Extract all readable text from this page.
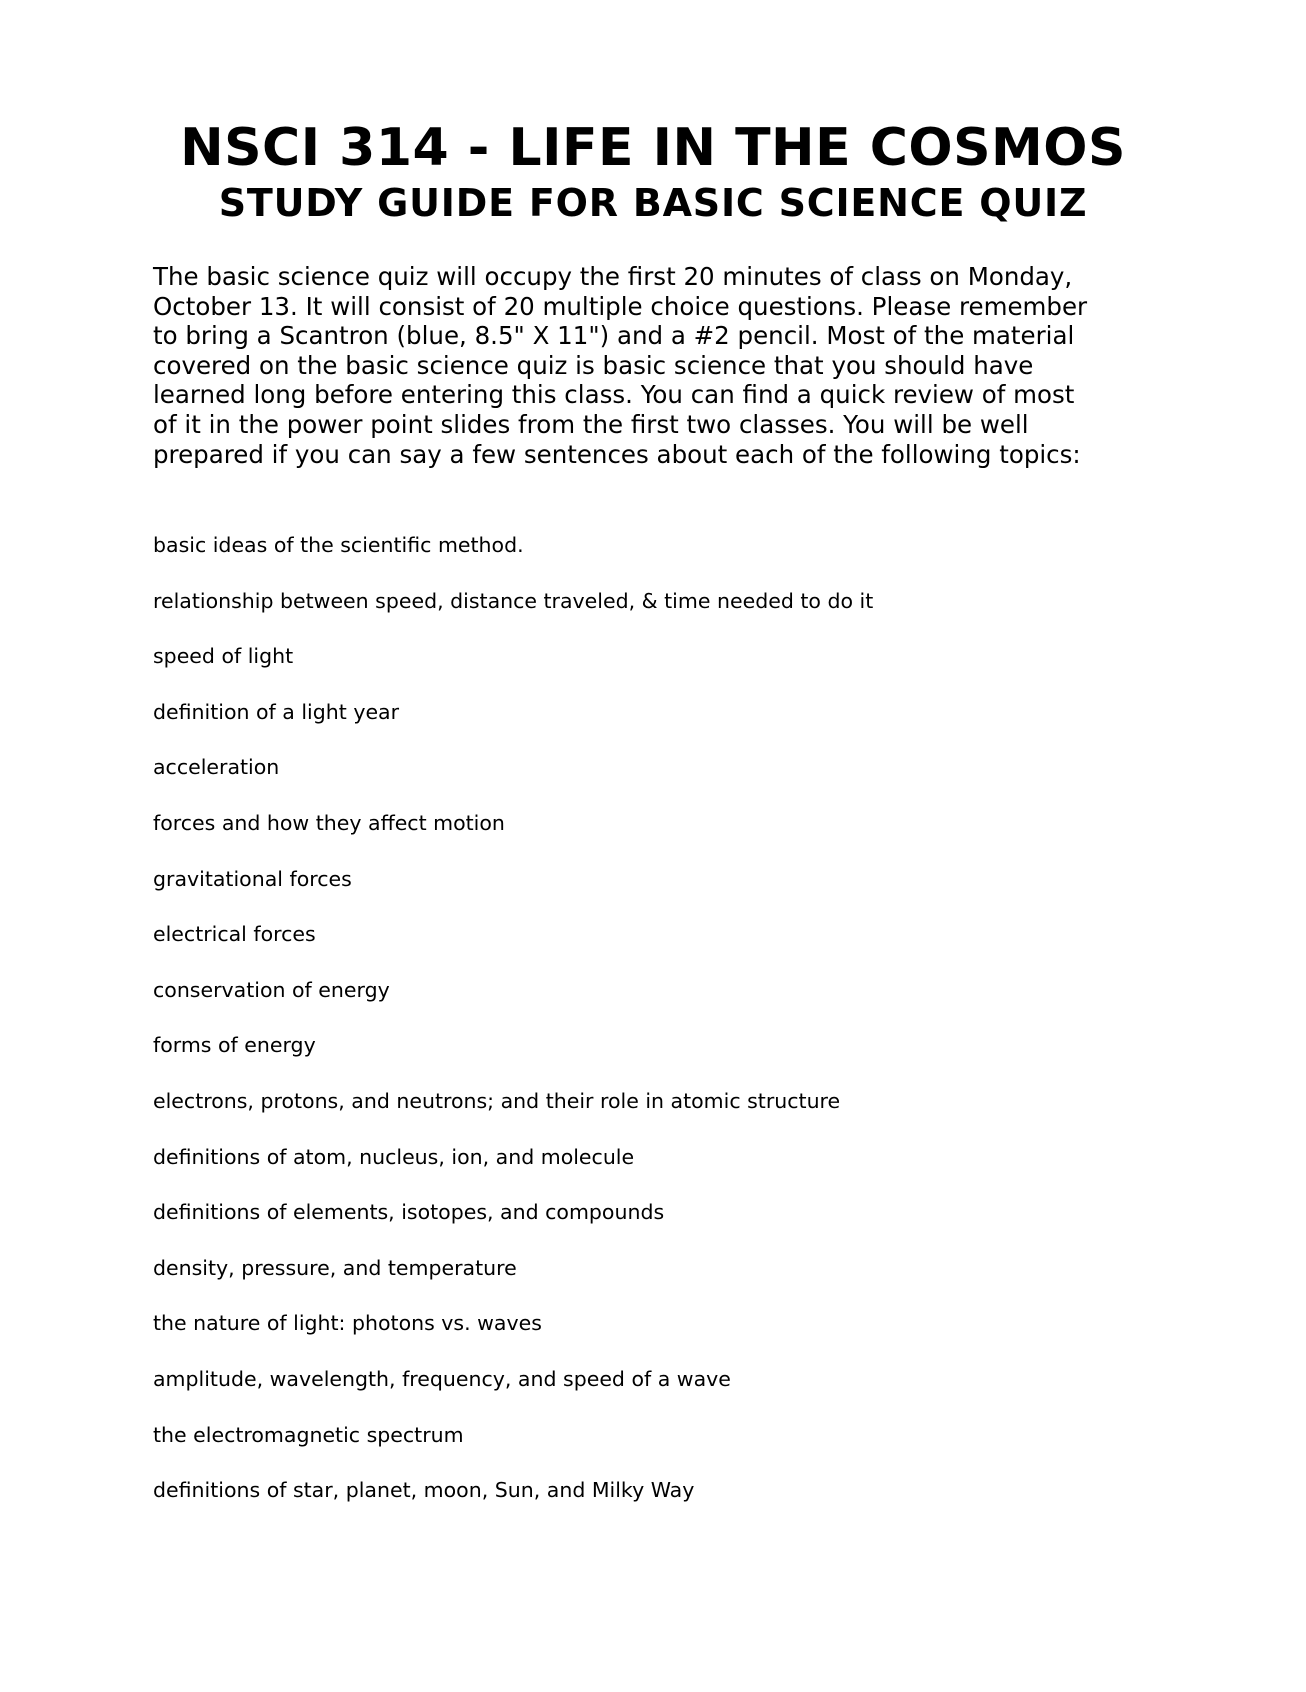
NSCI 314 - LIFE IN THE COSMOS
STUDY GUIDE FOR BASIC SCIENCE QUIZ

The basic science quiz will occupy the first 20 minutes of class on Monday,
October 13. It will consist of 20 multiple choice questions. Please remember
to bring a Scantron (blue, 8.5" X 11") and a #2 pencil. Most of the material
covered on the basic science quiz is basic science that you should have
learned long before entering this class. You can find a quick review of most
of it in the power point slides from the first two classes. You will be well
prepared if you can say a few sentences about each of the following topics:

basic ideas of the scientific method.
relationship between speed, distance traveled, & time needed to do it
speed of light
definition of a light year
acceleration
forces and how they affect motion
gravitational forces
electrical forces
conservation of energy
forms of energy
electrons, protons, and neutrons; and their role in atomic structure
definitions of atom, nucleus, ion, and molecule
definitions of elements, isotopes, and compounds
density, pressure, and temperature
the nature of light: photons vs. waves
amplitude, wavelength, frequency, and speed of a wave
the electromagnetic spectrum
definitions of star, planet, moon, Sun, and Milky Way
